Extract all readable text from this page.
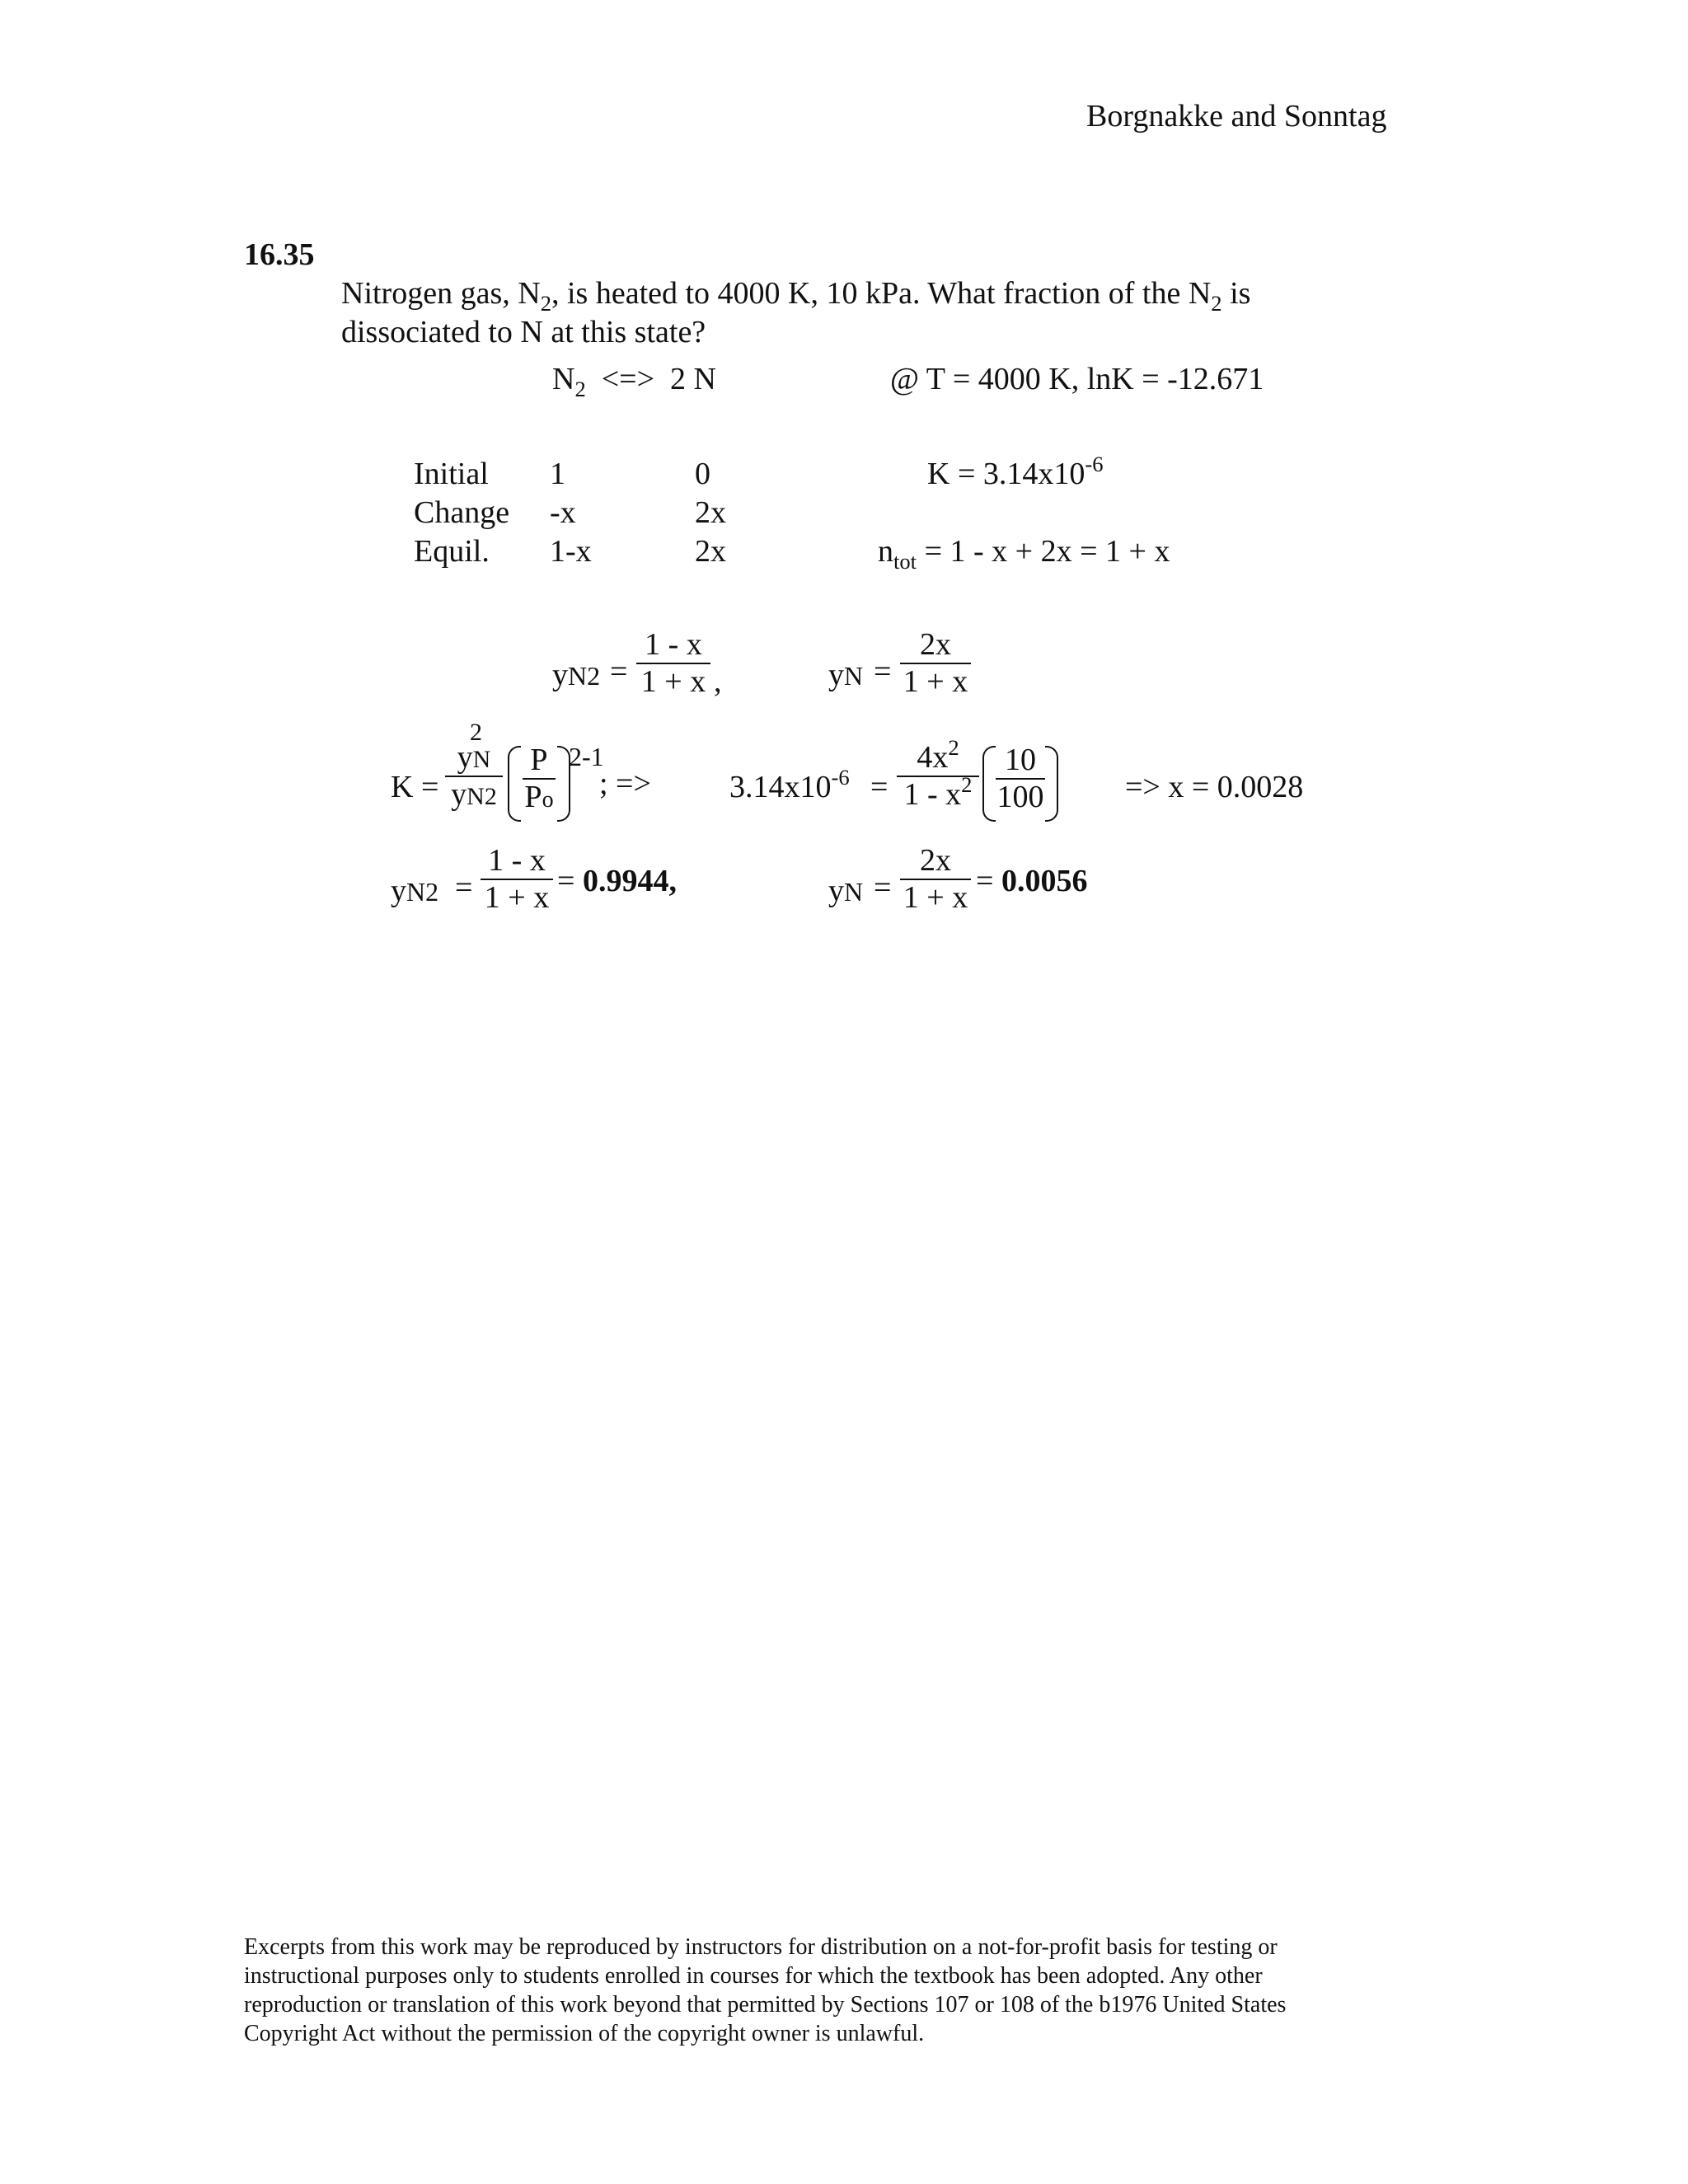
Borgnakke and Sonntag
16.35
Nitrogen gas, $N_2$, is heated to 4000 K, 10 kPa. What fraction of the $N_2$ is
dissociated to N at this state?
$N_2$ <=> 2 N	@ T = 4000 K, lnK = -12.671
$K = 3.14x10^{-6}$
Initial 1	0
Change -x	2x
Equil. 1-x	2x	$n_{tot} = 1 - x + 2x = 1 + x$
yN2 =
1 - x
1 + x ,	yN =
2x
1 + x
K =
2
yN
yN2
P
Po
2-1
; =>	$3.14x10^{-6}$ =
$4x^2$
$1 - x^2$
10
100	=> x = 0.0028
yN2 =
1 - x
1 + x = 0.9944,	yN =
2x
1 + x = 0.0056
Excerpts from this work may be reproduced by instructors for distribution on a not-for-profit basis for testing or
instructional purposes only to students enrolled in courses for which the textbook has been adopted. Any other
reproduction or translation of this work beyond that permitted by Sections 107 or 108 of the b1976 United States
Copyright Act without the permission of the copyright owner is unlawful.
